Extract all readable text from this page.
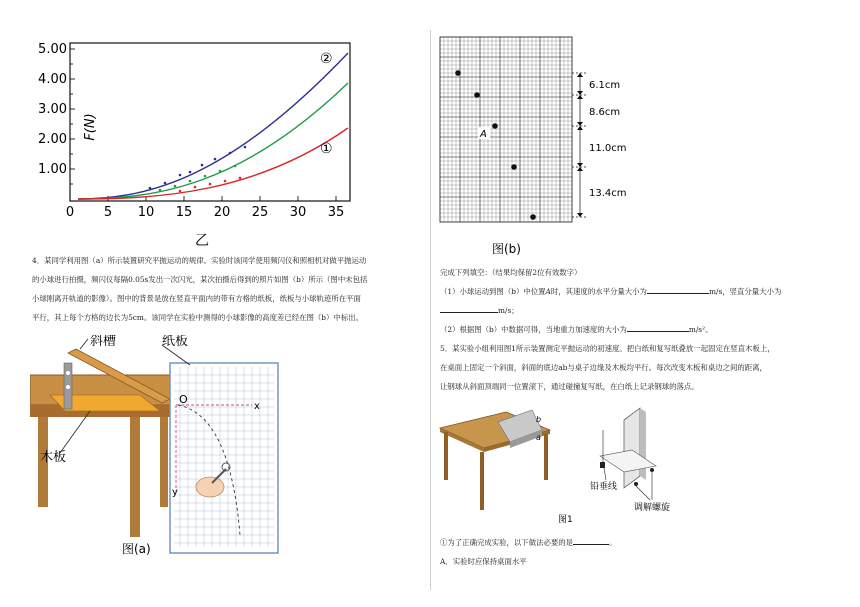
5.00
4.00
3.00
2.00
1.00
0 5 10 15 20 25 30 35
F(N)
②
①
乙
4．某同学利用图（a）所示装置研究平抛运动的规律。实验时该同学使用频闪仪和照相机对做平抛运动
的小球进行拍摄，频闪仪每隔0.05s发出一次闪光，某次拍摄后得到的照片如图（b）所示（图中未包括
小球刚离开轨道的影像）。图中的背景是放在竖直平面内的带有方格的纸板，纸板与小球轨迹所在平面
平行，其上每个方格的边长为5cm。该同学在实验中测得的小球影像的高度差已经在图（b）中标出。
斜槽
O
x
y
纸板
木板
图(a)
A
6.1cm
8.6cm
11.0cm
13.4cm
图(b)
完成下列填空：（结果均保留2位有效数字）
（1）小球运动到图（b）中位置A时，其速度的水平分量大小为	m/s，竖直分量大小为
m/s；
（2）根据图（b）中数据可得，当地重力加速度的大小为	m/s²。
5．某实验小组利用图1所示装置测定平抛运动的初速度。把白纸和复写纸叠放一起固定在竖直木板上，
在桌面上固定一个斜面，斜面的底边ab与桌子边缘及木板均平行。每次改变木板和桌边之间的距离，
让钢球从斜面顶端同一位置滚下，通过碰撞复写纸，在白纸上记录钢球的落点。
b
a
铅垂线
调解螺旋
图1
①为了正确完成实验，以下做法必要的是	。
A．实验时应保持桌面水平
